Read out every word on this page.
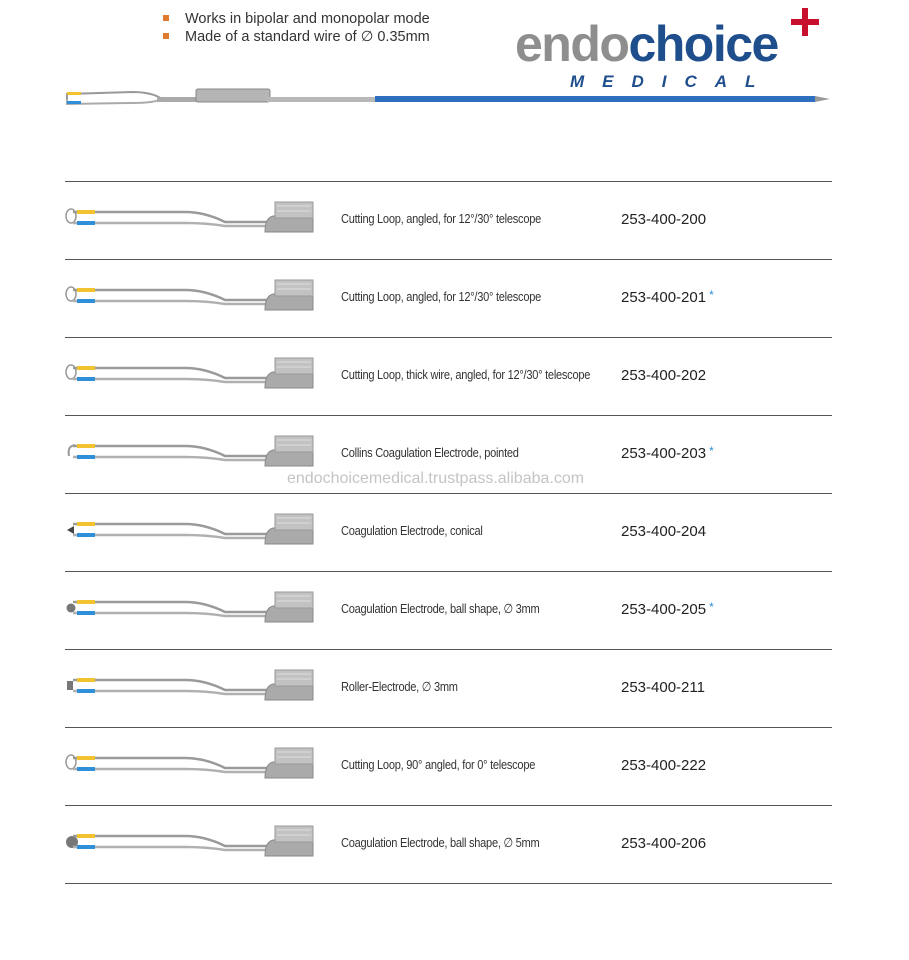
Works in bipolar and monopolar mode
Made of a standard wire of ∅ 0.35mm endochoice
MEDICAL
Cutting Loop, angled, for 12°/30° telescope	253-400-200
Cutting Loop, angled, for 12°/30° telescope	253-400-201 *
Cutting Loop, thick wire, angled, for 12°/30° telescope 253-400-202
Collins Coagulation Electrode, pointed	253-400-203 *
Coagulation Electrode, conical	253-400-204
Coagulation Electrode, ball shape, ∅ 3mm	253-400-205 *
Roller-Electrode, ∅ 3mm	253-400-211
Cutting Loop, 90° angled, for 0° telescope	253-400-222
Coagulation Electrode, ball shape, ∅ 5mm	253-400-206
endochoicemedical.trustpass.alibaba.com
